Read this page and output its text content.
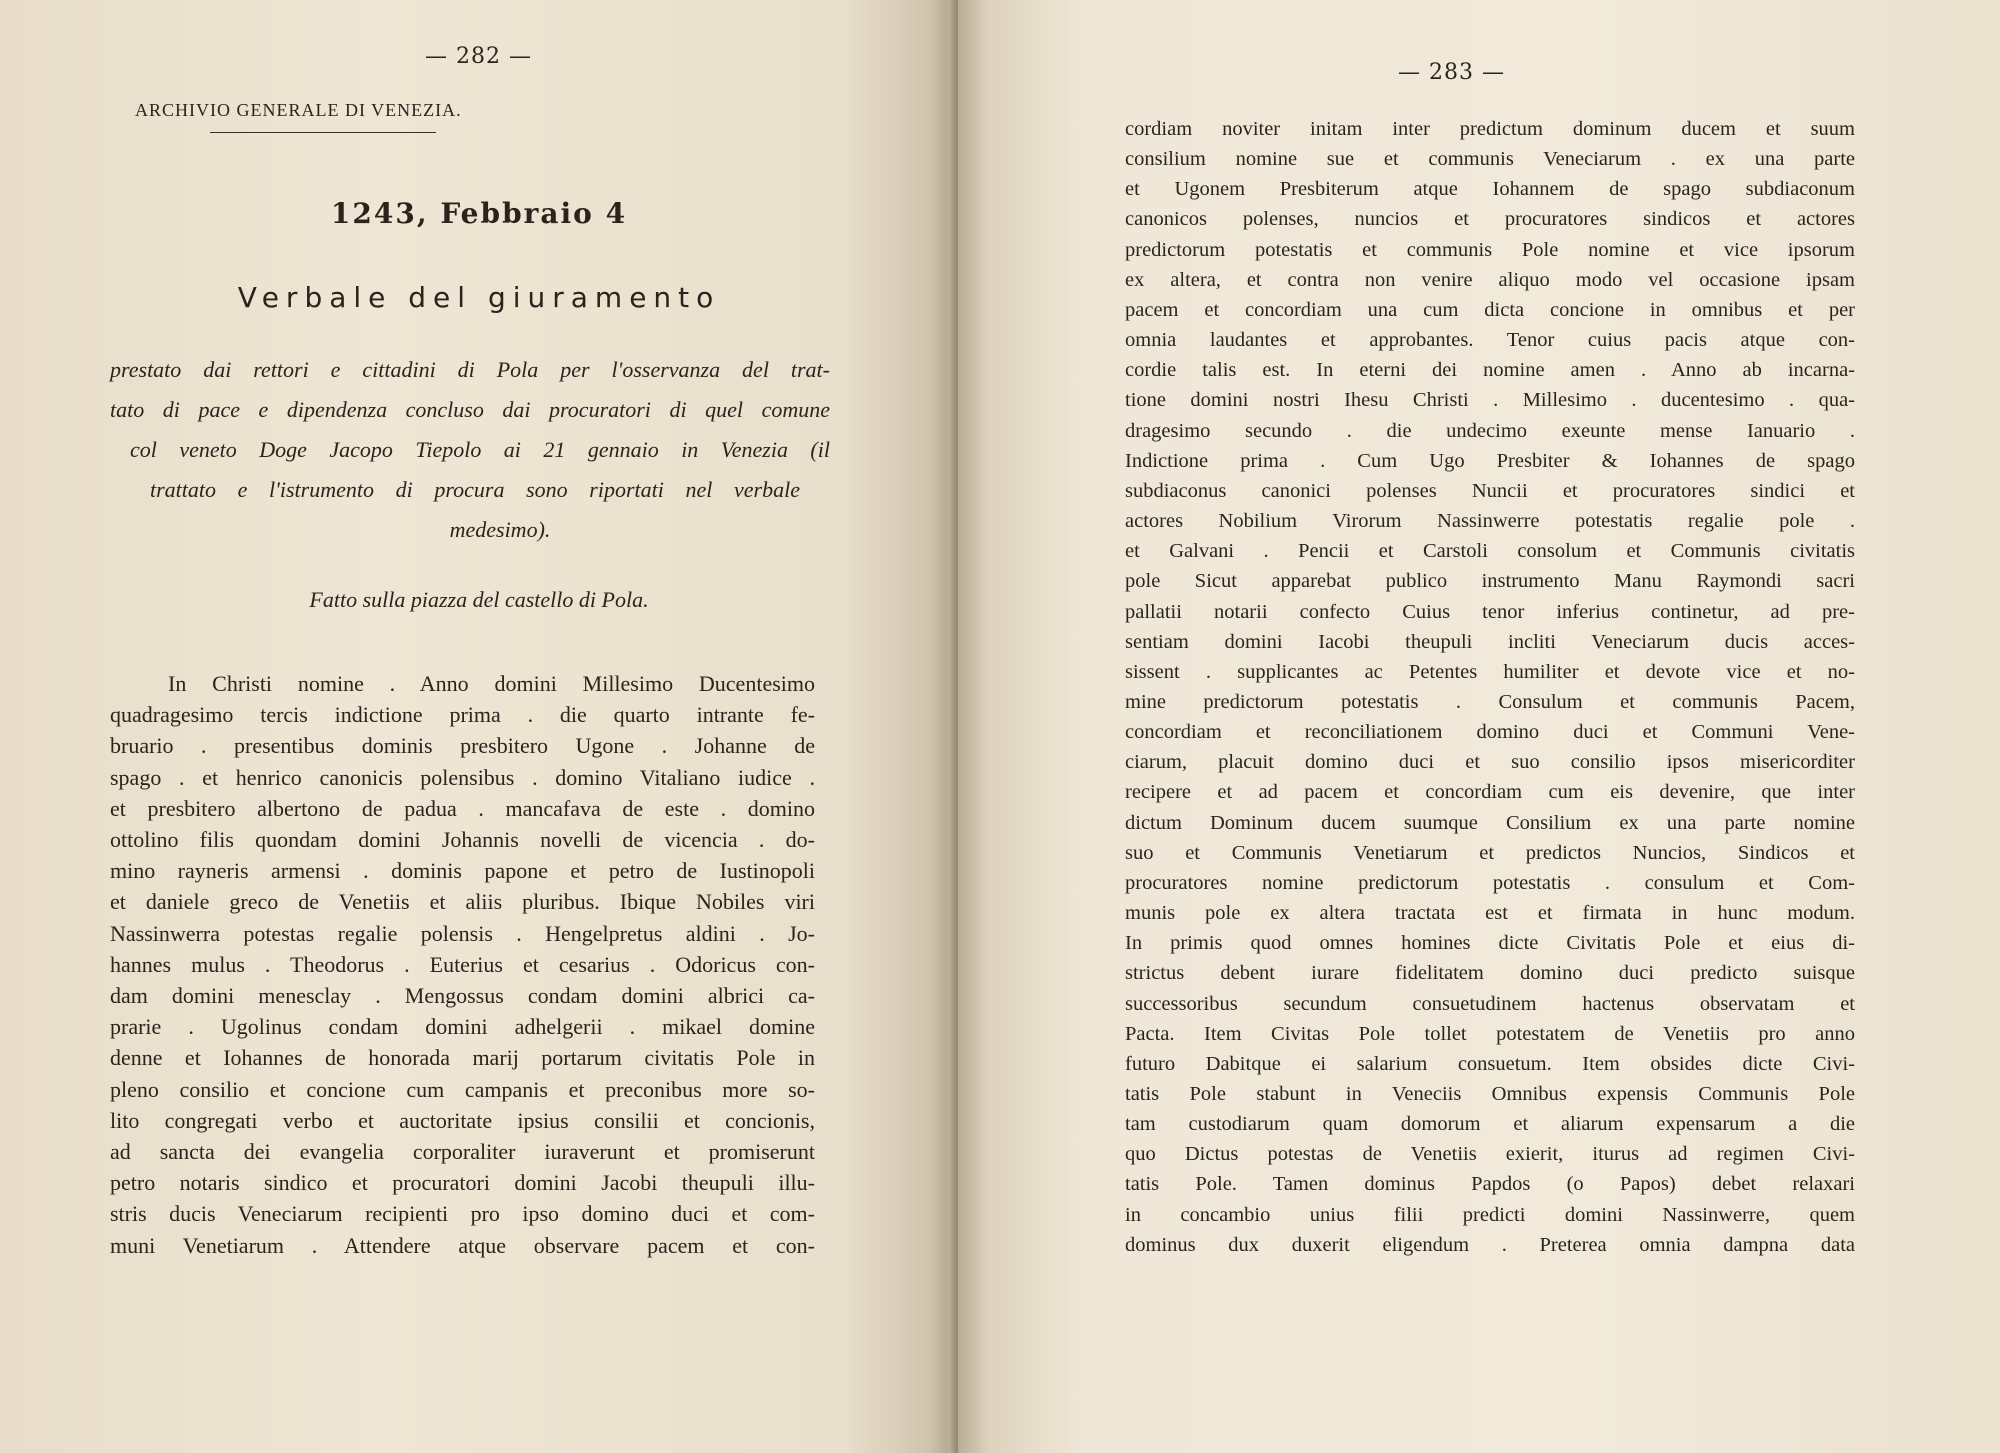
— 282 —
ARCHIVIO GENERALE DI VENEZIA.
1243, Febbraio 4
Verbale del giuramento
prestato dai rettori e cittadini di Pola per l'osservanza del trat-
tato di pace e dipendenza concluso dai procuratori di quel comune
col veneto Doge Jacopo Tiepolo ai 21 gennaio in Venezia (il
trattato e l'istrumento di procura sono riportati nel verbale
medesimo).
Fatto sulla piazza del castello di Pola.
In Christi nomine . Anno domini Millesimo Ducentesimo
quadragesimo tercis indictione prima . die quarto intrante fe-
bruario . presentibus dominis presbitero Ugone . Johanne de
spago . et henrico canonicis polensibus . domino Vitaliano iudice .
et presbitero albertono de padua . mancafava de este . domino
ottolino filis quondam domini Johannis novelli de vicencia . do-
mino rayneris armensi . dominis papone et petro de Iustinopoli
et daniele greco de Venetiis et aliis pluribus. Ibique Nobiles viri
Nassinwerra potestas regalie polensis . Hengelpretus aldini . Jo-
hannes mulus . Theodorus . Euterius et cesarius . Odoricus con-
dam domini menesclay . Mengossus condam domini albrici ca-
prarie . Ugolinus condam domini adhelgerii . mikael domine
denne et Iohannes de honorada marij portarum civitatis Pole in
pleno consilio et concione cum campanis et preconibus more so-
lito congregati verbo et auctoritate ipsius consilii et concionis,
ad sancta dei evangelia corporaliter iuraverunt et promiserunt
petro notaris sindico et procuratori domini Jacobi theupuli illu-
stris ducis Veneciarum recipienti pro ipso domino duci et com-
muni Venetiarum . Attendere atque observare pacem et con-
— 283 —
cordiam noviter initam inter predictum dominum ducem et suum
consilium nomine sue et communis Veneciarum . ex una parte
et Ugonem Presbiterum atque Iohannem de spago subdiaconum
canonicos polenses, nuncios et procuratores sindicos et actores
predictorum potestatis et communis Pole nomine et vice ipsorum
ex altera, et contra non venire aliquo modo vel occasione ipsam
pacem et concordiam una cum dicta concione in omnibus et per
omnia laudantes et approbantes. Tenor cuius pacis atque con-
cordie talis est. In eterni dei nomine amen . Anno ab incarna-
tione domini nostri Ihesu Christi . Millesimo . ducentesimo . qua-
dragesimo secundo . die undecimo exeunte mense Ianuario .
Indictione prima . Cum Ugo Presbiter & Iohannes de spago
subdiaconus canonici polenses Nuncii et procuratores sindici et
actores Nobilium Virorum Nassinwerre potestatis regalie pole .
et Galvani . Pencii et Carstoli consolum et Communis civitatis
pole Sicut apparebat publico instrumento Manu Raymondi sacri
pallatii notarii confecto Cuius tenor inferius continetur, ad pre-
sentiam domini Iacobi theupuli incliti Veneciarum ducis acces-
sissent . supplicantes ac Petentes humiliter et devote vice et no-
mine predictorum potestatis . Consulum et communis Pacem,
concordiam et reconciliationem domino duci et Communi Vene-
ciarum, placuit domino duci et suo consilio ipsos misericorditer
recipere et ad pacem et concordiam cum eis devenire, que inter
dictum Dominum ducem suumque Consilium ex una parte nomine
suo et Communis Venetiarum et predictos Nuncios, Sindicos et
procuratores nomine predictorum potestatis . consulum et Com-
munis pole ex altera tractata est et firmata in hunc modum.
In primis quod omnes homines dicte Civitatis Pole et eius di-
strictus debent iurare fidelitatem domino duci predicto suisque
successoribus secundum consuetudinem hactenus observatam et
Pacta. Item Civitas Pole tollet potestatem de Venetiis pro anno
futuro Dabitque ei salarium consuetum. Item obsides dicte Civi-
tatis Pole stabunt in Veneciis Omnibus expensis Communis Pole
tam custodiarum quam domorum et aliarum expensarum a die
quo Dictus potestas de Venetiis exierit, iturus ad regimen Civi-
tatis Pole. Tamen dominus Papdos (o Papos) debet relaxari
in concambio unius filii predicti domini Nassinwerre, quem
dominus dux duxerit eligendum . Preterea omnia dampna data
